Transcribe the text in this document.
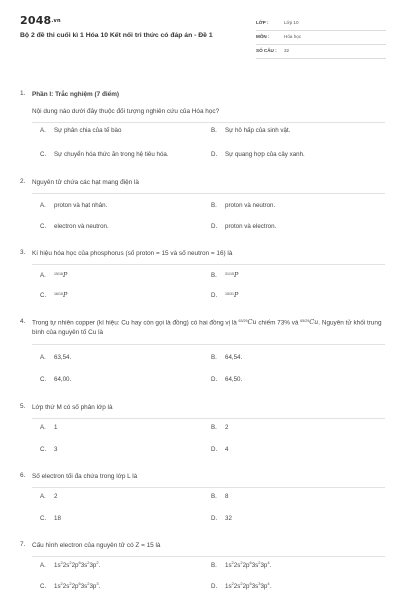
2048.vn
Bộ 2 đề thi cuối kì 1 Hóa 10 Kết nối tri thức có đáp án - Đề 1
LỚP :	Lớp 10
MÔN :	Hóa học
SỐ CÂU : 32
1. Phần I: Trắc nghiệm (7 điểm)
Nội dung nào dưới đây thuộc đối tượng nghiên cứu của Hóa học?
A. Sự phân chia của tế bào	B. Sự hô hấp của sinh vật.
C. Sự chuyển hóa thức ăn trong hệ tiêu hóa.	D. Sự quang hợp của cây xanh.
2. Nguyên tử chứa các hạt mang điện là
A. proton và hạt nhân.	B. proton và neutron.
C. electron và neutron.	D. proton và electron.
3. Kí hiệu hóa học của phosphorus (số proton = 15 và số neutron = 16) là
A. $^{15/16}$P	B. $^{31/15}$P
C. $^{16/15}$P	D. $^{15/31}$P
4. Trong tự nhiên copper (kí hiệu: Cu hay còn gọi là đồng) có hai đồng vị là $^{63/29}$Cu chiếm 73% và $^{65/29}$Cu. Nguyên tử khối trung bình của nguyên tố Cu là
A. 63,54.	B. 64,54.
C. 64,00.	D. 64,50.
5. Lớp thứ M có số phân lớp là
A. 1	B. 2
C. 3	D. 4
6. Số electron tối đa chứa trong lớp L là
A. 2	B. 8
C. 18	D. 32
7. Cấu hình electron của nguyên tử có Z = 15 là
A. $1s^22s^22p^63s^23p^2$.	B. $1s^22s^22p^63s^23p^4$.
C. $1s^22s^22p^63s^23p^3$.	D. $1s^22s^22p^63s^33p^4$.
